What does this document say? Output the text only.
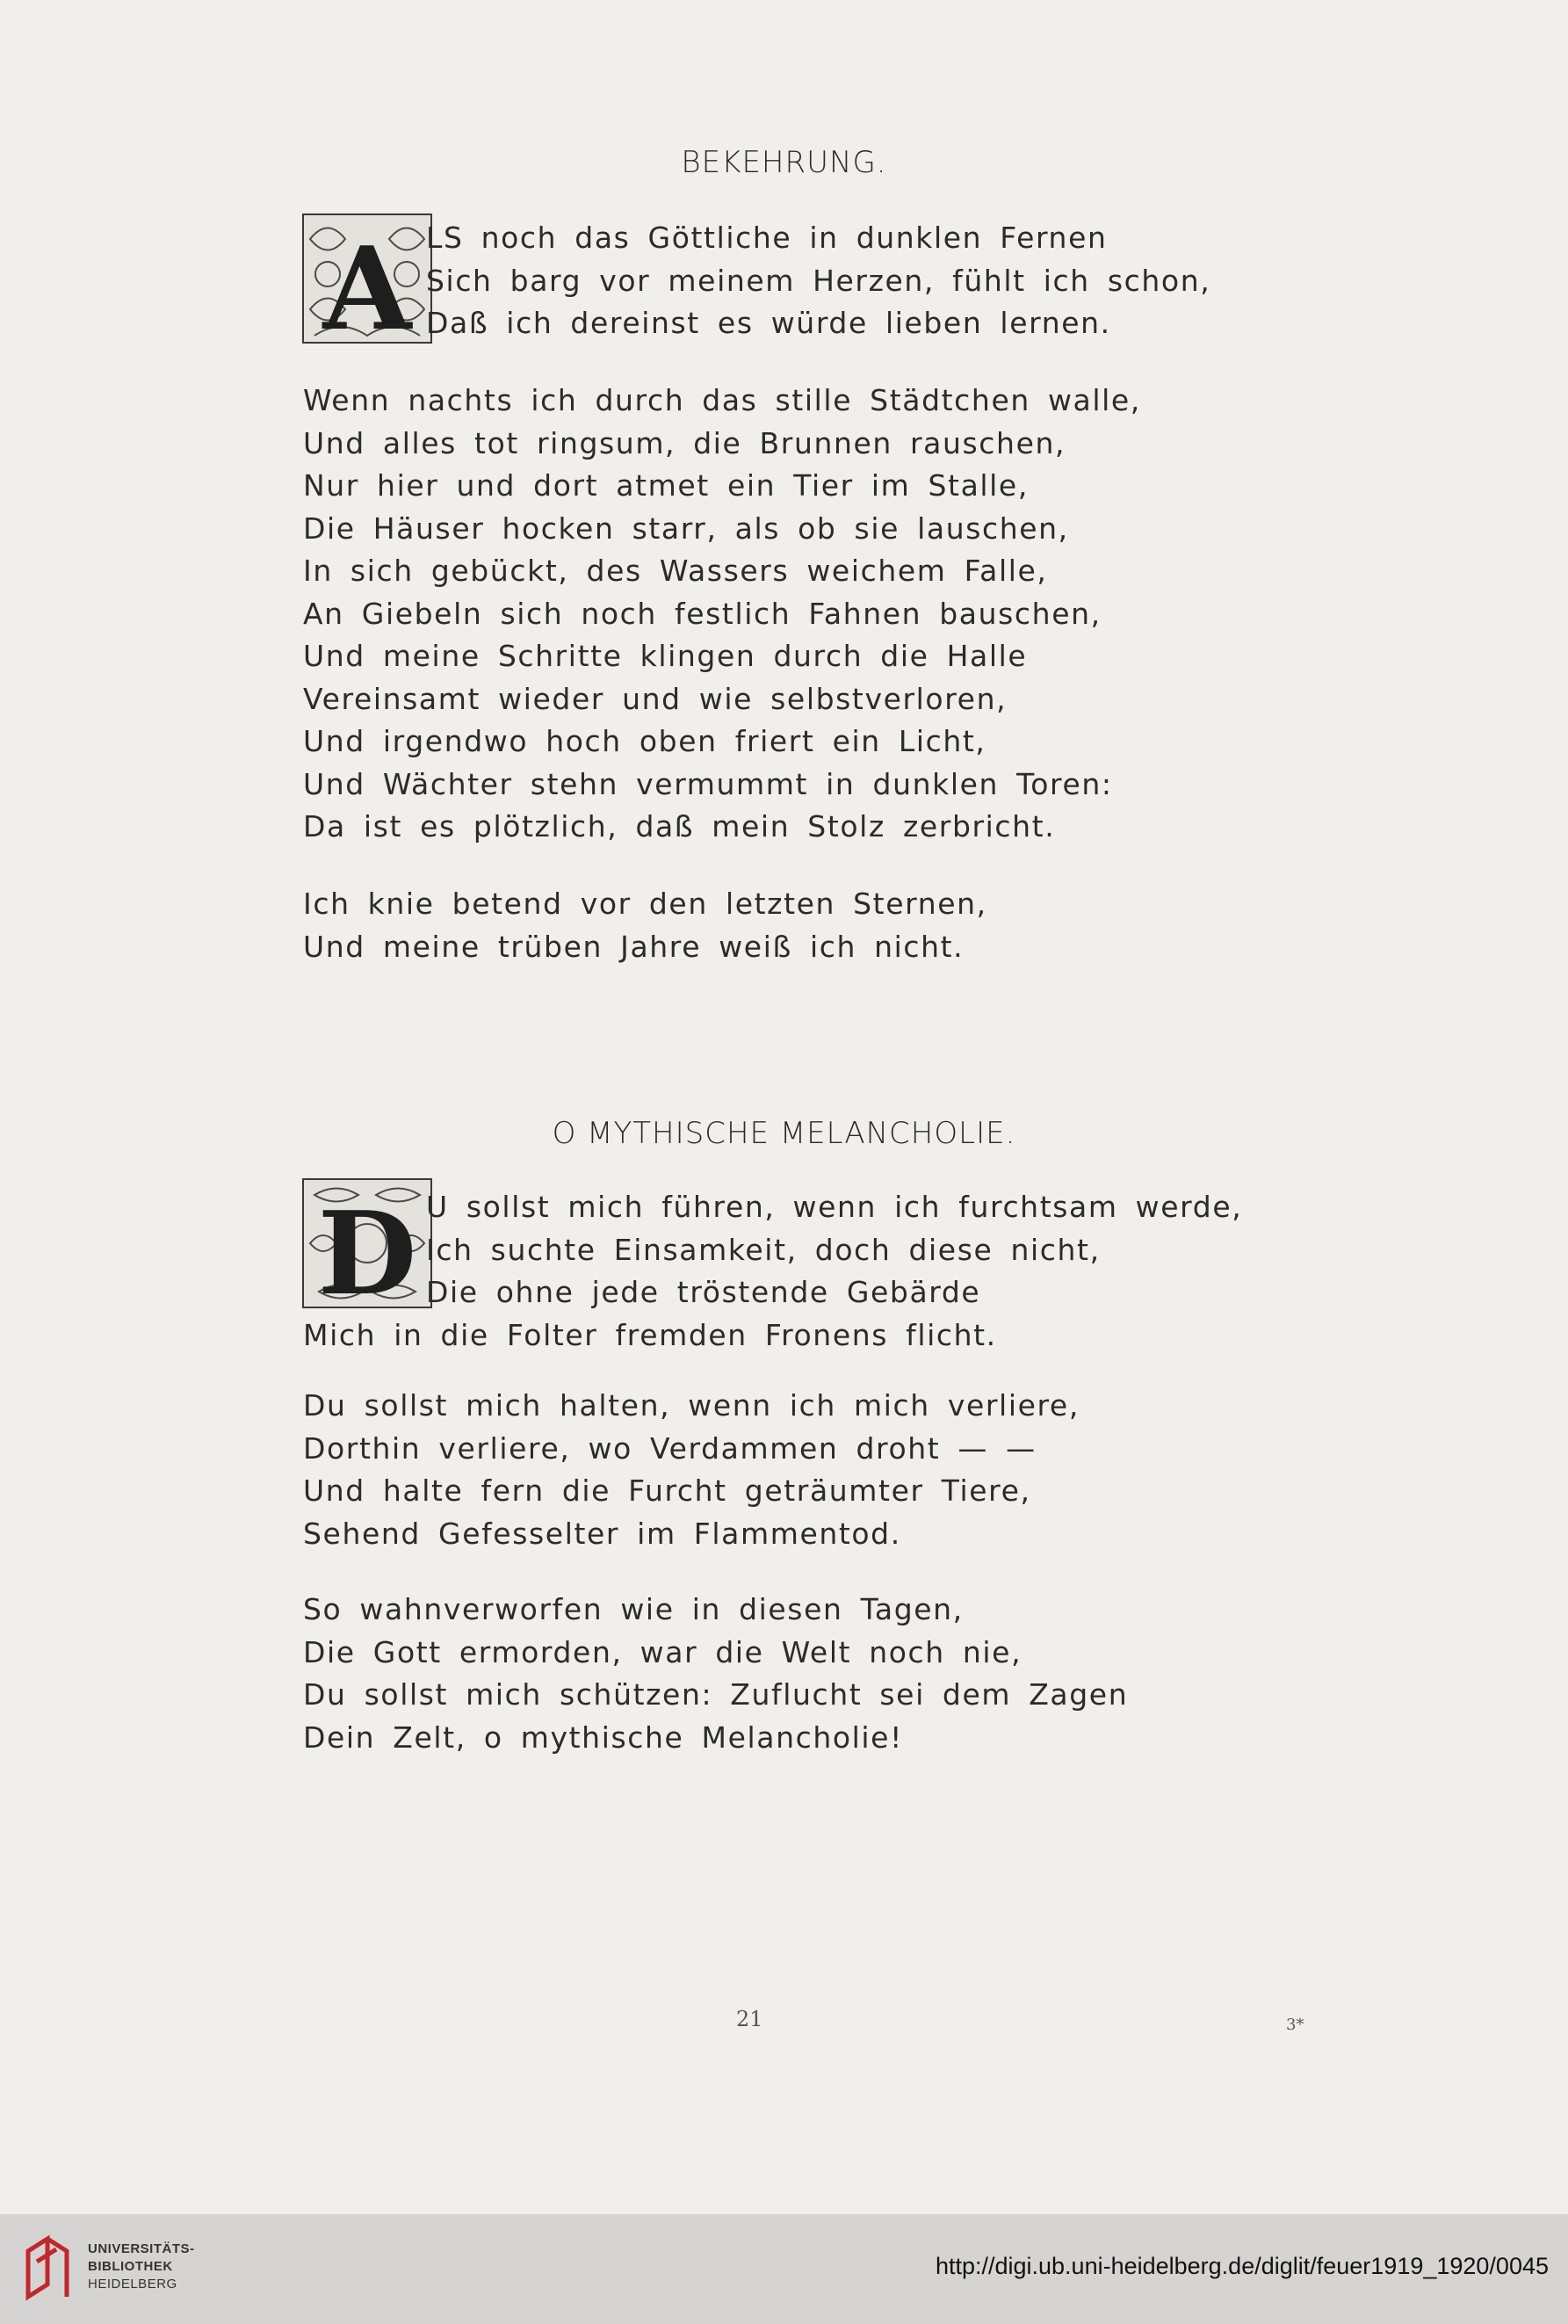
BEKEHRUNG.
A LS noch das Göttliche in dunklen Fernen
Sich barg vor meinem Herzen, fühlt ich schon,
Daß ich dereinst es würde lieben lernen.
Wenn nachts ich durch das stille Städtchen walle,
Und alles tot ringsum, die Brunnen rauschen,
Nur hier und dort atmet ein Tier im Stalle,
Die Häuser hocken starr, als ob sie lauschen,
In sich gebückt, des Wassers weichem Falle,
An Giebeln sich noch festlich Fahnen bauschen,
Und meine Schritte klingen durch die Halle
Vereinsamt wieder und wie selbstverloren,
Und irgendwo hoch oben friert ein Licht,
Und Wächter stehn vermummt in dunklen Toren:
Da ist es plötzlich, daß mein Stolz zerbricht.
Ich knie betend vor den letzten Sternen,
Und meine trüben Jahre weiß ich nicht.
O MYTHISCHE MELANCHOLIE.
D U sollst mich führen, wenn ich furchtsam werde,
Ich suchte Einsamkeit, doch diese nicht,
Die ohne jede tröstende Gebärde
Mich in die Folter fremden Fronens flicht.
Du sollst mich halten, wenn ich mich verliere,
Dorthin verliere, wo Verdammen droht — —
Und halte fern die Furcht geträumter Tiere,
Sehend Gefesselter im Flammentod.
So wahnverworfen wie in diesen Tagen,
Die Gott ermorden, war die Welt noch nie,
Du sollst mich schützen: Zuflucht sei dem Zagen
Dein Zelt, o mythische Melancholie!
21	3*
UNIVERSITÄTS-
BIBLIOTHEK
HEIDELBERG
http://digi.ub.uni-heidelberg.de/diglit/feuer1919_1920/0045
